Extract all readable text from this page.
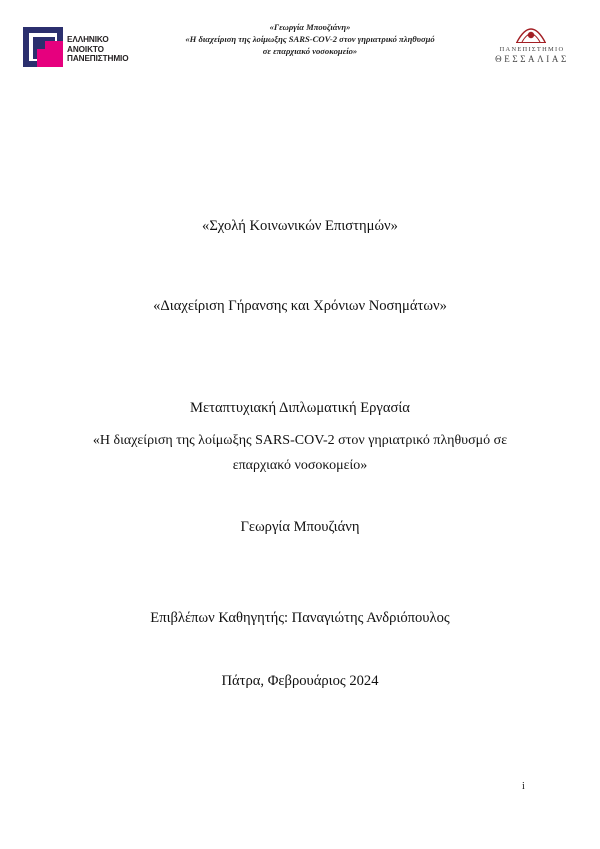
ΕΛΛΗΝΙΚΟ
ΑΝΟΙΚΤΟ
ΠΑΝΕΠΙΣΤΗΜΙΟ
«Γεωργία Μπουζιάνη»
«Η διαχείριση της λοίμωξης SARS-COV-2 στον γηριατρικό πληθυσμό
σε επαρχιακό νοσοκομείο»	ΠΑΝΕΠΙΣΤΗΜΙΟ
ΘΕΣΣΑΛΙΑΣ
«Σχολή Κοινωνικών Επιστημών»
«Διαχείριση Γήρανσης και Χρόνιων Νοσημάτων»
Μεταπτυχιακή Διπλωματική Εργασία
«Η διαχείριση της λοίμωξης SARS-COV-2 στον γηριατρικό πληθυσμό σε
επαρχιακό νοσοκομείο»
Γεωργία Μπουζιάνη
Επιβλέπων Καθηγητής: Παναγιώτης Ανδριόπουλος
Πάτρα, Φεβρουάριος 2024
i
